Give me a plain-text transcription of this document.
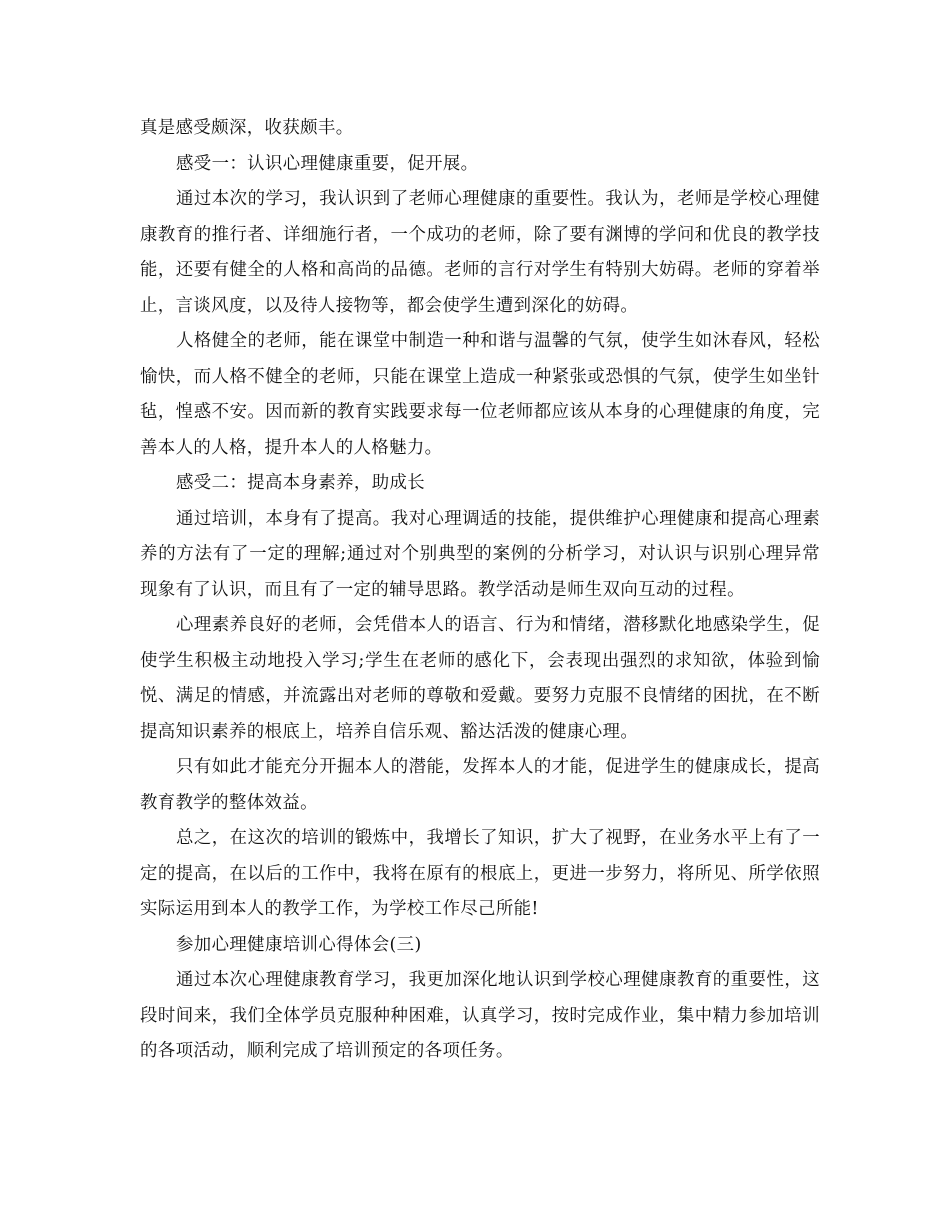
真是感受颇深，收获颇丰。

感受一：认识心理健康重要，促开展。

通过本次的学习，我认识到了老师心理健康的重要性。我认为，老师是学校心理健康教育的推行者、详细施行者，一个成功的老师，除了要有渊博的学问和优良的教学技能，还要有健全的人格和高尚的品德。老师的言行对学生有特别大妨碍。老师的穿着举止，言谈风度，以及待人接物等，都会使学生遭到深化的妨碍。

人格健全的老师，能在课堂中制造一种和谐与温馨的气氛，使学生如沐春风，轻松愉快，而人格不健全的老师，只能在课堂上造成一种紧张或恐惧的气氛，使学生如坐针毡，惶惑不安。因而新的教育实践要求每一位老师都应该从本身的心理健康的角度，完善本人的人格，提升本人的人格魅力。

感受二：提高本身素养，助成长

通过培训，本身有了提高。我对心理调适的技能，提供维护心理健康和提高心理素养的方法有了一定的理解;通过对个别典型的案例的分析学习，对认识与识别心理异常现象有了认识，而且有了一定的辅导思路。教学活动是师生双向互动的过程。

心理素养良好的老师，会凭借本人的语言、行为和情绪，潜移默化地感染学生，促使学生积极主动地投入学习;学生在老师的感化下，会表现出强烈的求知欲，体验到愉悦、满足的情感，并流露出对老师的尊敬和爱戴。要努力克服不良情绪的困扰，在不断提高知识素养的根底上，培养自信乐观、豁达活泼的健康心理。

只有如此才能充分开掘本人的潜能，发挥本人的才能，促进学生的健康成长，提高教育教学的整体效益。

总之，在这次的培训的锻炼中，我增长了知识，扩大了视野，在业务水平上有了一定的提高，在以后的工作中，我将在原有的根底上，更进一步努力，将所见、所学依照实际运用到本人的教学工作，为学校工作尽己所能!

参加心理健康培训心得体会(三)

通过本次心理健康教育学习，我更加深化地认识到学校心理健康教育的重要性，这段时间来，我们全体学员克服种种困难，认真学习，按时完成作业，集中精力参加培训的各项活动，顺利完成了培训预定的各项任务。
